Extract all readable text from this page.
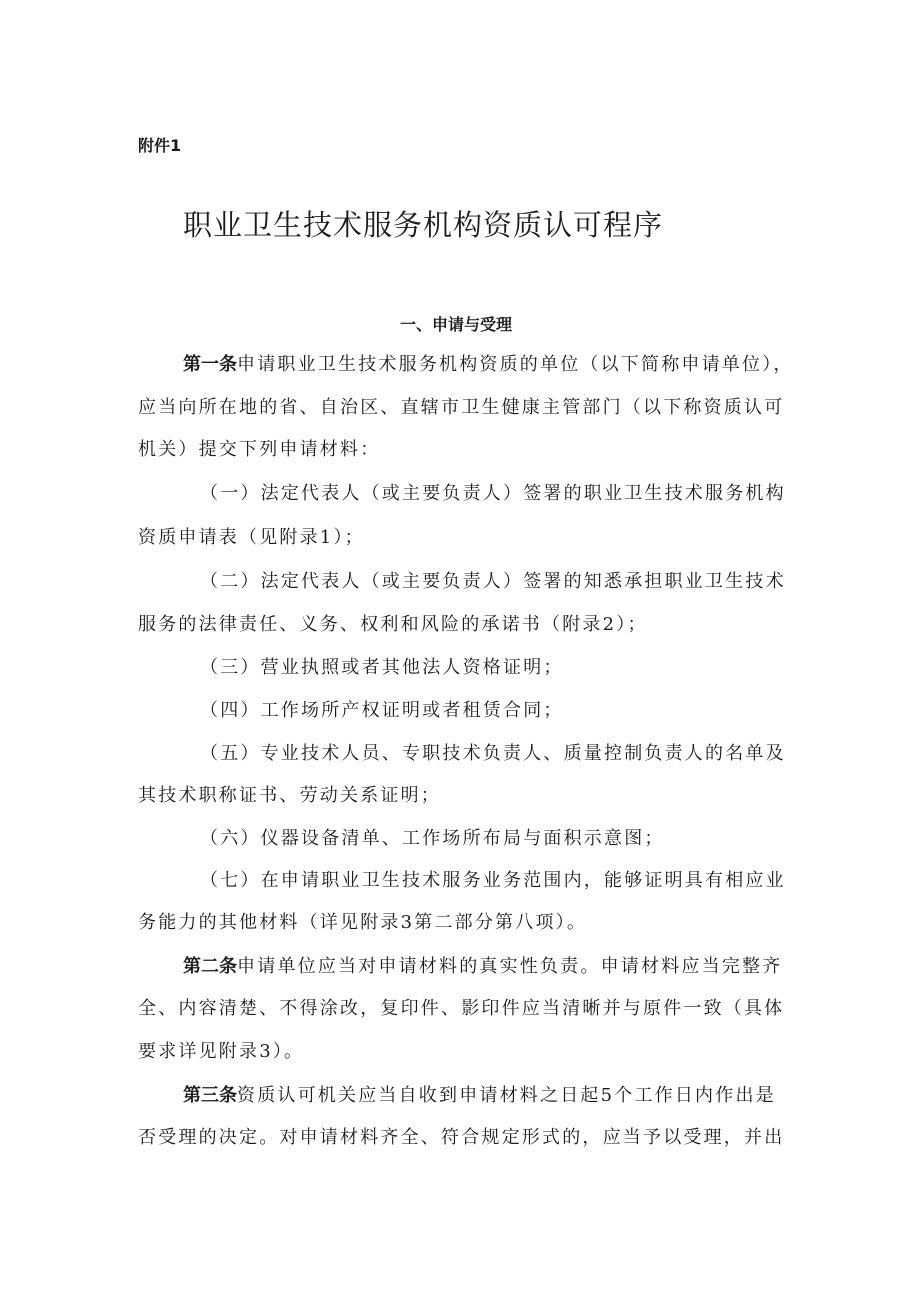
附件1
职业卫生技术服务机构资质认可程序
一、申请与受理
第一条申请职业卫生技术服务机构资质的单位（以下简称申请单位），
应当向所在地的省、自治区、直辖市卫生健康主管部门（以下称资质认可
机关）提交下列申请材料：
（一）法定代表人（或主要负责人）签署的职业卫生技术服务机构
资质申请表（见附录1）；
（二）法定代表人（或主要负责人）签署的知悉承担职业卫生技术
服务的法律责任、义务、权利和风险的承诺书（附录2）；
（三）营业执照或者其他法人资格证明；
（四）工作场所产权证明或者租赁合同；
（五）专业技术人员、专职技术负责人、质量控制负责人的名单及
其技术职称证书、劳动关系证明；
（六）仪器设备清单、工作场所布局与面积示意图；
（七）在申请职业卫生技术服务业务范围内，能够证明具有相应业
务能力的其他材料（详见附录3第二部分第八项）。
第二条申请单位应当对申请材料的真实性负责。申请材料应当完整齐
全、内容清楚、不得涂改，复印件、影印件应当清晰并与原件一致（具体
要求详见附录3）。
第三条资质认可机关应当自收到申请材料之日起5个工作日内作出是
否受理的决定。对申请材料齐全、符合规定形式的，应当予以受理，并出
